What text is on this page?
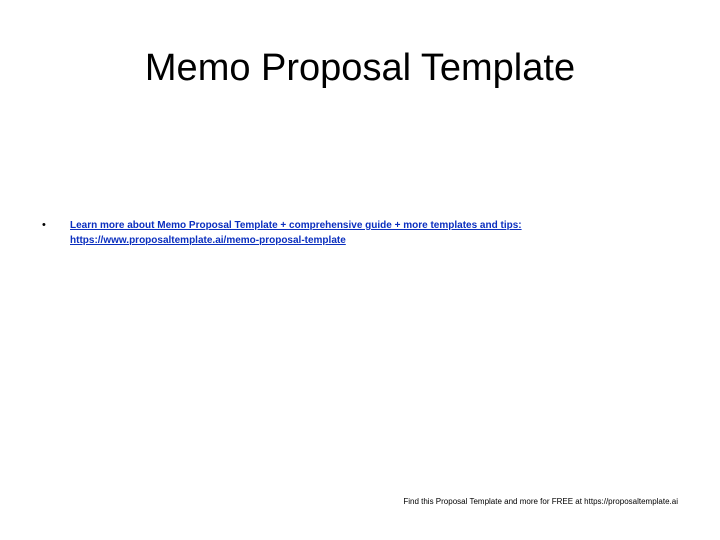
Memo Proposal Template
•	Learn more about Memo Proposal Template + comprehensive guide + more templates and tips:
https://www.proposaltemplate.ai/memo-proposal-template
Find this Proposal Template and more for FREE at https://proposaltemplate.ai
